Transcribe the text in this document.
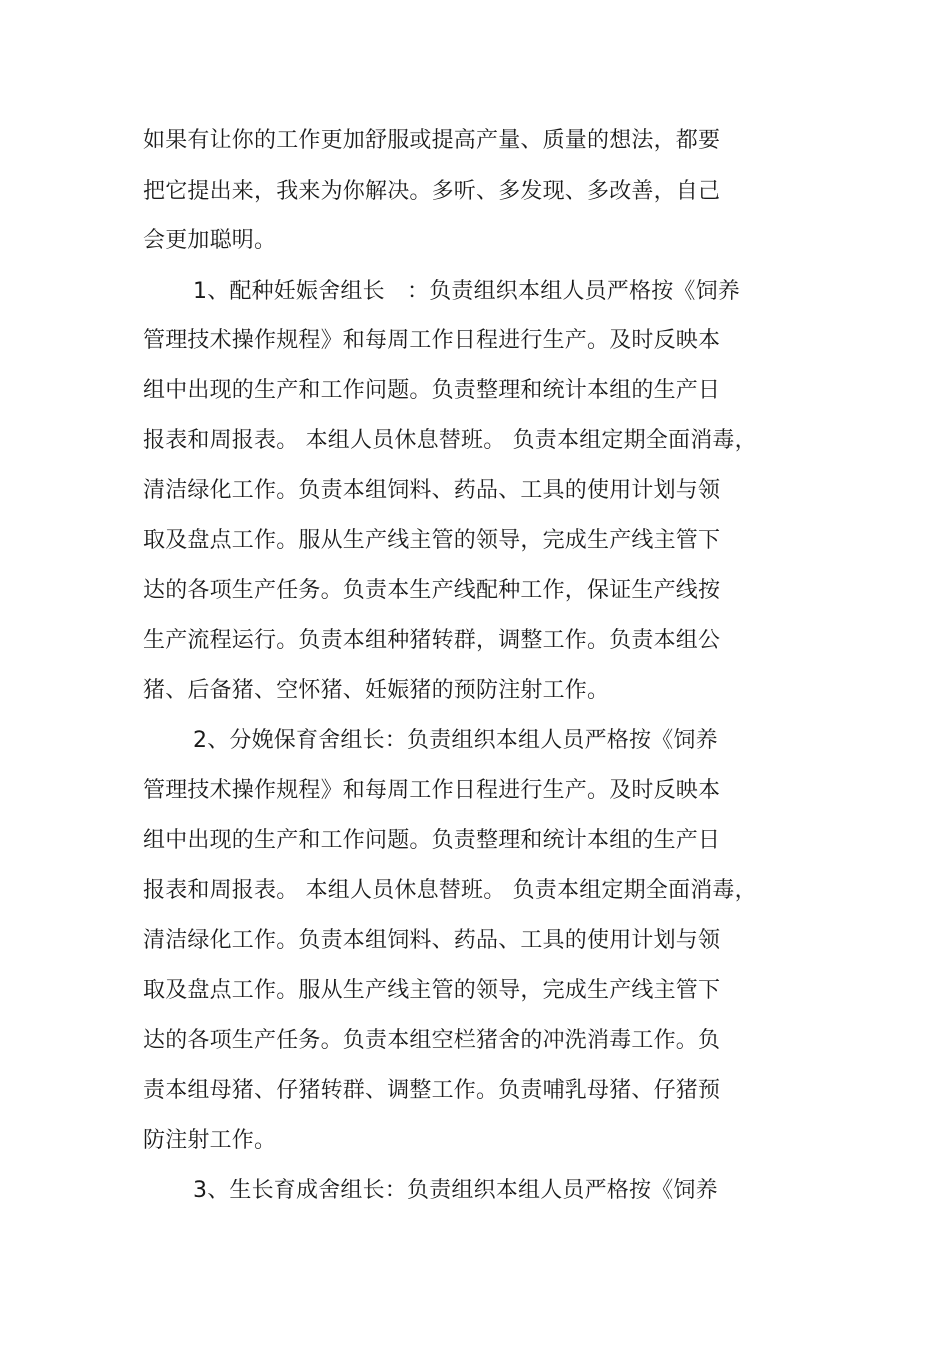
如果有让你的工作更加舒服或提高产量、质量的想法，都要
把它提出来，我来为你解决。多听、多发现、多改善，自己
会更加聪明。
1、配种妊娠舍组长　：负责组织本组人员严格按《饲养
管理技术操作规程》和每周工作日程进行生产。及时反映本
组中出现的生产和工作问题。负责整理和统计本组的生产日
报表和周报表。 本组人员休息替班。 负责本组定期全面消毒，
清洁绿化工作。负责本组饲料、药品、工具的使用计划与领
取及盘点工作。服从生产线主管的领导，完成生产线主管下
达的各项生产任务。负责本生产线配种工作，保证生产线按
生产流程运行。负责本组种猪转群，调整工作。负责本组公
猪、后备猪、空怀猪、妊娠猪的预防注射工作。
2、分娩保育舍组长：负责组织本组人员严格按《饲养
管理技术操作规程》和每周工作日程进行生产。及时反映本
组中出现的生产和工作问题。负责整理和统计本组的生产日
报表和周报表。 本组人员休息替班。 负责本组定期全面消毒，
清洁绿化工作。负责本组饲料、药品、工具的使用计划与领
取及盘点工作。服从生产线主管的领导，完成生产线主管下
达的各项生产任务。负责本组空栏猪舍的冲洗消毒工作。负
责本组母猪、仔猪转群、调整工作。负责哺乳母猪、仔猪预
防注射工作。
3、生长育成舍组长：负责组织本组人员严格按《饲养
